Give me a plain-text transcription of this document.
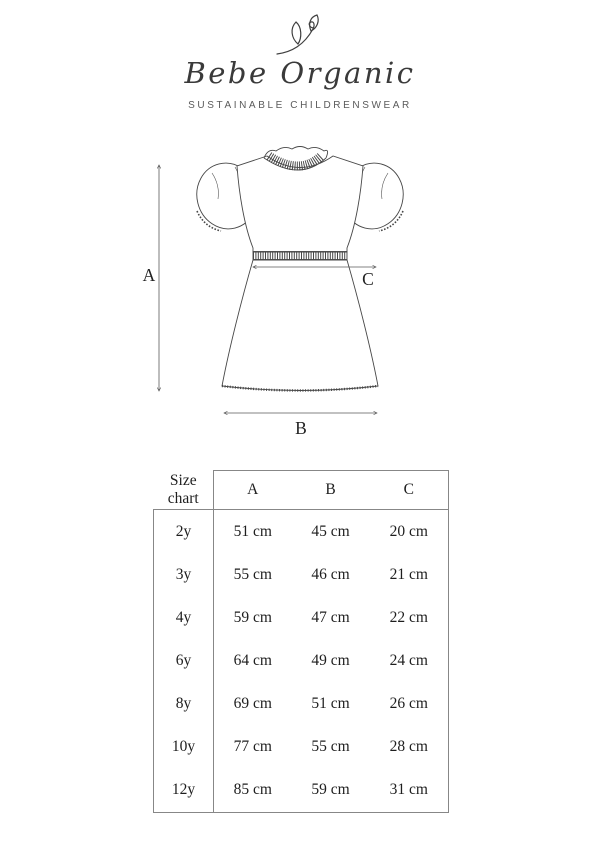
Bebe Organic
SUSTAINABLE CHILDRENSWEAR
A	C
B
Size chart	A	B	C
2y	51 cm	45 cm	20 cm
3y	55 cm	46 cm	21 cm
4y	59 cm	47 cm	22 cm
6y	64 cm	49 cm	24 cm
8y	69 cm	51 cm	26 cm
10y	77 cm	55 cm	28 cm
12y	85 cm	59 cm	31 cm
